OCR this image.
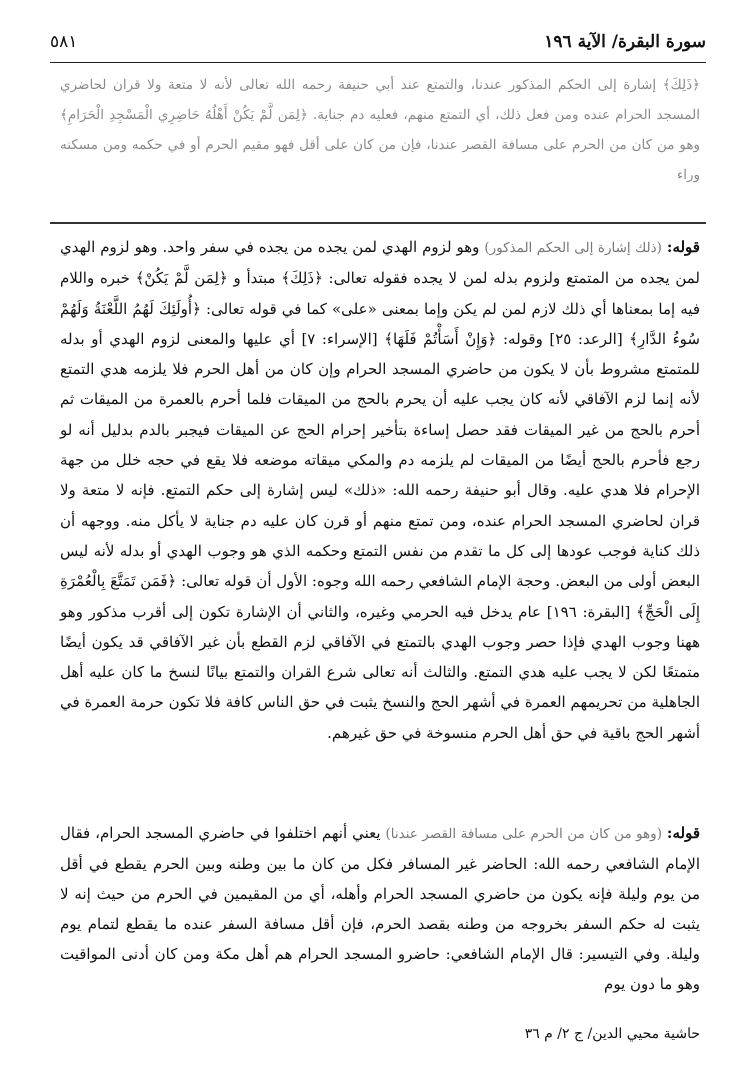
٥٨١	سورة البقرة/ الآية ١٩٦
﴿ذَلِكَ﴾ إشارة إلى الحكم المذكور عندنا، والتمتع عند أبي حنيفة رحمه الله تعالى لأنه لا متعة ولا قران لحاضري المسجد الحرام عنده ومن فعل ذلك، أي التمتع منهم، فعليه دم جناية. ﴿لِمَن لَّمْ يَكُنْ أَهْلُهُ حَاضِرِي الْمَسْجِدِ الْحَرَامِ﴾ وهو من كان من الحرم على مسافة القصر عندنا، فإن من كان على أقل فهو مقيم الحرم أو في حكمه ومن مسكنه وراء
قوله: (ذلك إشارة إلى الحكم المذكور) وهو لزوم الهدي لمن يجده من يجده في سفر واحد. وهو لزوم الهدي لمن يجده من المتمتع ولزوم بدله لمن لا يجده فقوله تعالى: ﴿ذَلِكَ﴾ مبتدأ و ﴿لِمَن لَّمْ يَكُنْ﴾ خبره واللام فيه إما بمعناها أي ذلك لازم لمن لم يكن وإما بمعنى «على» كما في قوله تعالى: ﴿أُولَئِكَ لَهُمُ اللَّعْنَةُ وَلَهُمْ سُوءُ الدَّارِ﴾ [الرعد: ٢٥] وقوله: ﴿وَإِنْ أَسَأْتُمْ فَلَهَا﴾ [الإسراء: ٧] أي عليها والمعنى لزوم الهدي أو بدله للمتمتع مشروط بأن لا يكون من حاضري المسجد الحرام وإن كان من أهل الحرم فلا يلزمه هدي التمتع لأنه إنما لزم الآفاقي لأنه كان يجب عليه أن يحرم بالحج من الميقات فلما أحرم بالعمرة من الميقات ثم أحرم بالحج من غير الميقات فقد حصل إساءة بتأخير إحرام الحج عن الميقات فيجبر بالدم بدليل أنه لو رجع فأحرم بالحج أيضًا من الميقات لم يلزمه دم والمكي ميقاته موضعه فلا يقع في حجه خلل من جهة الإحرام فلا هدي عليه. وقال أبو حنيفة رحمه الله: «ذلك» ليس إشارة إلى حكم التمتع. فإنه لا متعة ولا قران لحاضري المسجد الحرام عنده، ومن تمتع منهم أو قرن كان عليه دم جناية لا يأكل منه. ووجهه أن ذلك كناية فوجب عودها إلى كل ما تقدم من نفس التمتع وحكمه الذي هو وجوب الهدي أو بدله لأنه ليس البعض أولى من البعض. وحجة الإمام الشافعي رحمه الله وجوه: الأول أن قوله تعالى: ﴿فَمَن تَمَتَّعَ بِالْعُمْرَةِ إِلَى الْحَجِّ﴾ [البقرة: ١٩٦] عام يدخل فيه الحرمي وغيره، والثاني أن الإشارة تكون إلى أقرب مذكور وهو ههنا وجوب الهدي فإذا حصر وجوب الهدي بالتمتع في الآفاقي لزم القطع بأن غير الآفاقي قد يكون أيضًا متمتعًا لكن لا يجب عليه هدي التمتع. والثالث أنه تعالى شرع القران والتمتع بيانًا لنسخ ما كان عليه أهل الجاهلية من تحريمهم العمرة في أشهر الحج والنسخ يثبت في حق الناس كافة فلا تكون حرمة العمرة في أشهر الحج باقية في حق أهل الحرم منسوخة في حق غيرهم.
قوله: (وهو من كان من الحرم على مسافة القصر عندنا) يعني أنهم اختلفوا في حاضري المسجد الحرام، فقال الإمام الشافعي رحمه الله: الحاضر غير المسافر فكل من كان ما بين وطنه وبين الحرم يقطع في أقل من يوم وليلة فإنه يكون من حاضري المسجد الحرام وأهله، أي من المقيمين في الحرم من حيث إنه لا يثبت له حكم السفر بخروجه من وطنه بقصد الحرم، فإن أقل مسافة السفر عنده ما يقطع لتمام يوم وليلة. وفي التيسير: قال الإمام الشافعي: حاضرو المسجد الحرام هم أهل مكة ومن كان أدنى المواقيت وهو ما دون يوم
حاشية محيي الدين/ ج ٢/ م ٣٦
